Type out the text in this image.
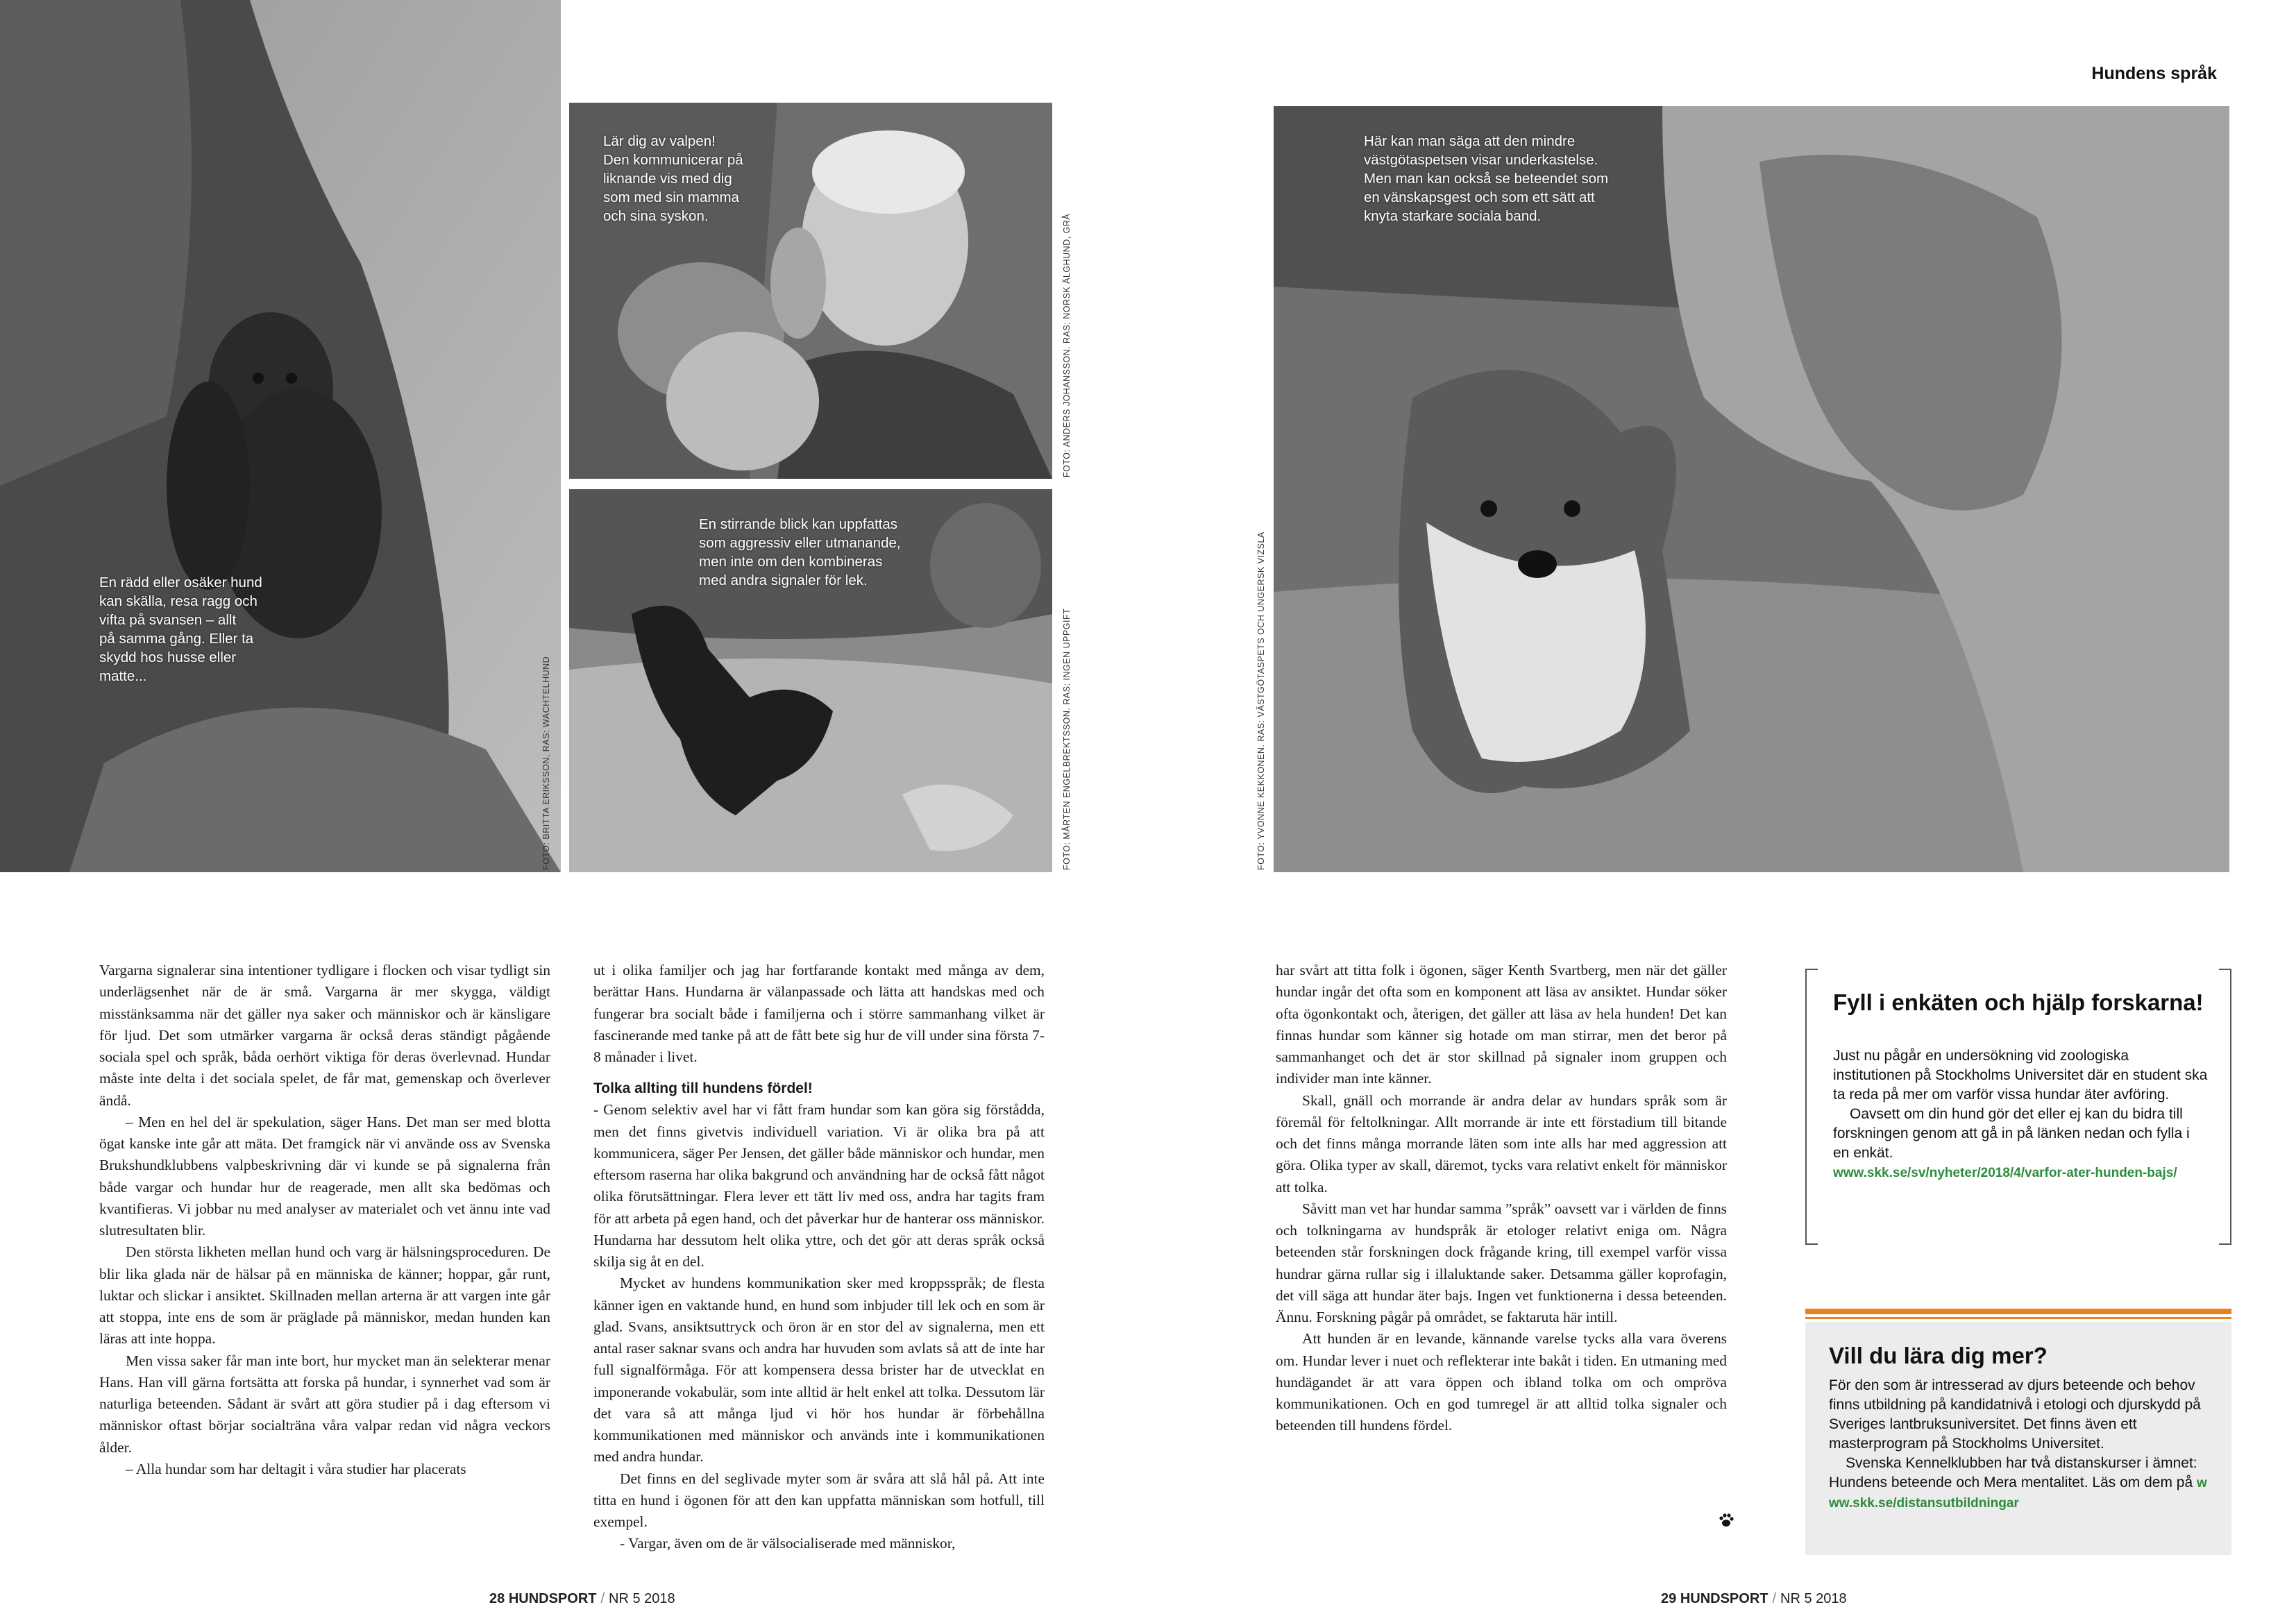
En rädd eller osäker hund
kan skälla, resa ragg och
vifta på svansen – allt
på samma gång. Eller ta
skydd hos husse eller
matte...	FOTO: BRITTA ERIKSSON, RAS: WACHTELHUND
Lär dig av valpen!
Den kommunicerar på
liknande vis med dig
som med sin mamma
och sina syskon.	FOTO: ANDERS JOHANSSON. RAS: NORSK ÄLGHUND, GRÅ
En stirrande blick kan uppfattas
som aggressiv eller utmanande,
men inte om den kombineras
med andra signaler för lek.
FOTO: MÅRTEN ENGELBREKTSSON. RAS: INGEN UPPGIFT
Här kan man säga att den mindre
västgötaspetsen visar underkastelse.
Men man kan också se beteendet som
en vänskapsgest och som ett sätt att
knyta starkare sociala band.
FOTO: YVONNE KEKKONEN. RAS: VÄSTGÖTASPETS OCH UNGERSK VIZSLA
Hundens språk

Vargarna signalerar sina intentioner tydligare i flocken och visar tydligt sin underlägsenhet när de är små. Vargarna är mer skygga, väldigt misstänksamma när det gäller nya saker och människor och är känsligare för ljud. Det som utmärker vargarna är också deras ständigt pågående sociala spel och språk, båda oerhört viktiga för deras överlevnad. Hundar måste inte delta i det sociala spelet, de får mat, gemenskap och överlever ändå.

– Men en hel del är spekulation, säger Hans. Det man ser med blotta ögat kanske inte går att mäta. Det framgick när vi använde oss av Svenska Brukshundklubbens valpbeskrivning där vi kunde se på signalerna från både vargar och hundar hur de reagerade, men allt ska bedömas och kvantifieras. Vi jobbar nu med analyser av materialet och vet ännu inte vad slutresultaten blir.

Den största likheten mellan hund och varg är hälsningsproceduren. De blir lika glada när de hälsar på en människa de känner; hoppar, går runt, luktar och slickar i ansiktet. Skillnaden mellan arterna är att vargen inte går att stoppa, inte ens de som är präglade på människor, medan hunden kan läras att inte hoppa.

Men vissa saker får man inte bort, hur mycket man än selekterar menar Hans. Han vill gärna fortsätta att forska på hundar, i synnerhet vad som är naturliga beteenden. Sådant är svårt att göra studier på i dag eftersom vi människor oftast börjar socialträna våra valpar redan vid några veckors ålder.

– Alla hundar som har deltagit i våra studier har placerats

ut i olika familjer och jag har fortfarande kontakt med många av dem, berättar Hans. Hundarna är välanpassade och lätta att handskas med och fungerar bra socialt både i familjerna och i större sammanhang vilket är fascinerande med tanke på att de fått bete sig hur de vill under sina första 7-8 månader i livet.

Tolka allting till hundens fördel!

- Genom selektiv avel har vi fått fram hundar som kan göra sig förstådda, men det finns givetvis individuell variation. Vi är olika bra på att kommunicera, säger Per Jensen, det gäller både människor och hundar, men eftersom raserna har olika bakgrund och användning har de också fått något olika förutsättningar. Flera lever ett tätt liv med oss, andra har tagits fram för att arbeta på egen hand, och det påverkar hur de hanterar oss människor. Hundarna har dessutom helt olika yttre, och det gör att deras språk också skilja sig åt en del.

Mycket av hundens kommunikation sker med kroppsspråk; de flesta känner igen en vaktande hund, en hund som inbjuder till lek och en som är glad. Svans, ansiktsuttryck och öron är en stor del av signalerna, men ett antal raser saknar svans och andra har huvuden som avlats så att de inte har full signalförmåga. För att kompensera dessa brister har de utvecklat en imponerande vokabulär, som inte alltid är helt enkel att tolka. Dessutom lär det vara så att många ljud vi hör hos hundar är förbehållna kommunikationen med människor och används inte i kommunikationen med andra hundar.

Det finns en del seglivade myter som är svåra att slå hål på. Att inte titta en hund i ögonen för att den kan uppfatta människan som hotfull, till exempel.

- Vargar, även om de är välsocialiserade med människor,

har svårt att titta folk i ögonen, säger Kenth Svartberg, men när det gäller hundar ingår det ofta som en komponent att läsa av ansiktet. Hundar söker ofta ögonkontakt och, återigen, det gäller att läsa av hela hunden! Det kan finnas hundar som känner sig hotade om man stirrar, men det beror på sammanhanget och det är stor skillnad på signaler inom gruppen och individer man inte känner.

Skall, gnäll och morrande är andra delar av hundars språk som är föremål för feltolkningar. Allt morrande är inte ett förstadium till bitande och det finns många morrande läten som inte alls har med aggression att göra. Olika typer av skall, däremot, tycks vara relativt enkelt för människor att tolka.

Såvitt man vet har hundar samma ”språk” oavsett var i världen de finns och tolkningarna av hundspråk är etologer relativt eniga om. Några beteenden står forskningen dock frågande kring, till exempel varför vissa hundrar gärna rullar sig i illaluktande saker. Detsamma gäller koprofagin, det vill säga att hundar äter bajs. Ingen vet funktionerna i dessa beteenden. Ännu. Forskning pågår på området, se faktaruta här intill.

Att hunden är en levande, kännande varelse tycks alla vara överens om. Hundar lever i nuet och reflekterar inte bakåt i tiden. En utmaning med hundägandet är att vara öppen och ibland tolka om och ompröva kommunikationen. Och en god tumregel är att alltid tolka signaler och beteenden till hundens fördel.

Fyll i enkäten och hjälp forskarna!

Just nu pågår en undersökning vid zoologiska institutionen på Stockholms Universitet där en student ska ta reda på mer om varför vissa hundar äter avföring.

Oavsett om din hund gör det eller ej kan du bidra till forskningen genom att gå in på länken nedan och fylla i en enkät.

www.skk.se/sv/nyheter/2018/4/varfor-ater-hunden-bajs/

Vill du lära dig mer?

För den som är intresserad av djurs beteende och behov finns utbildning på kandidatnivå i etologi och djurskydd på Sveriges lantbruksuniversitet. Det finns även ett masterprogram på Stockholms Universitet.

Svenska Kennelklubben har två distanskurser i ämnet: Hundens beteende och Mera mentalitet. Läs om dem på www.skk.se/distansutbildningar

28 HUNDSPORT / NR 5 2018	29 HUNDSPORT / NR 5 2018
